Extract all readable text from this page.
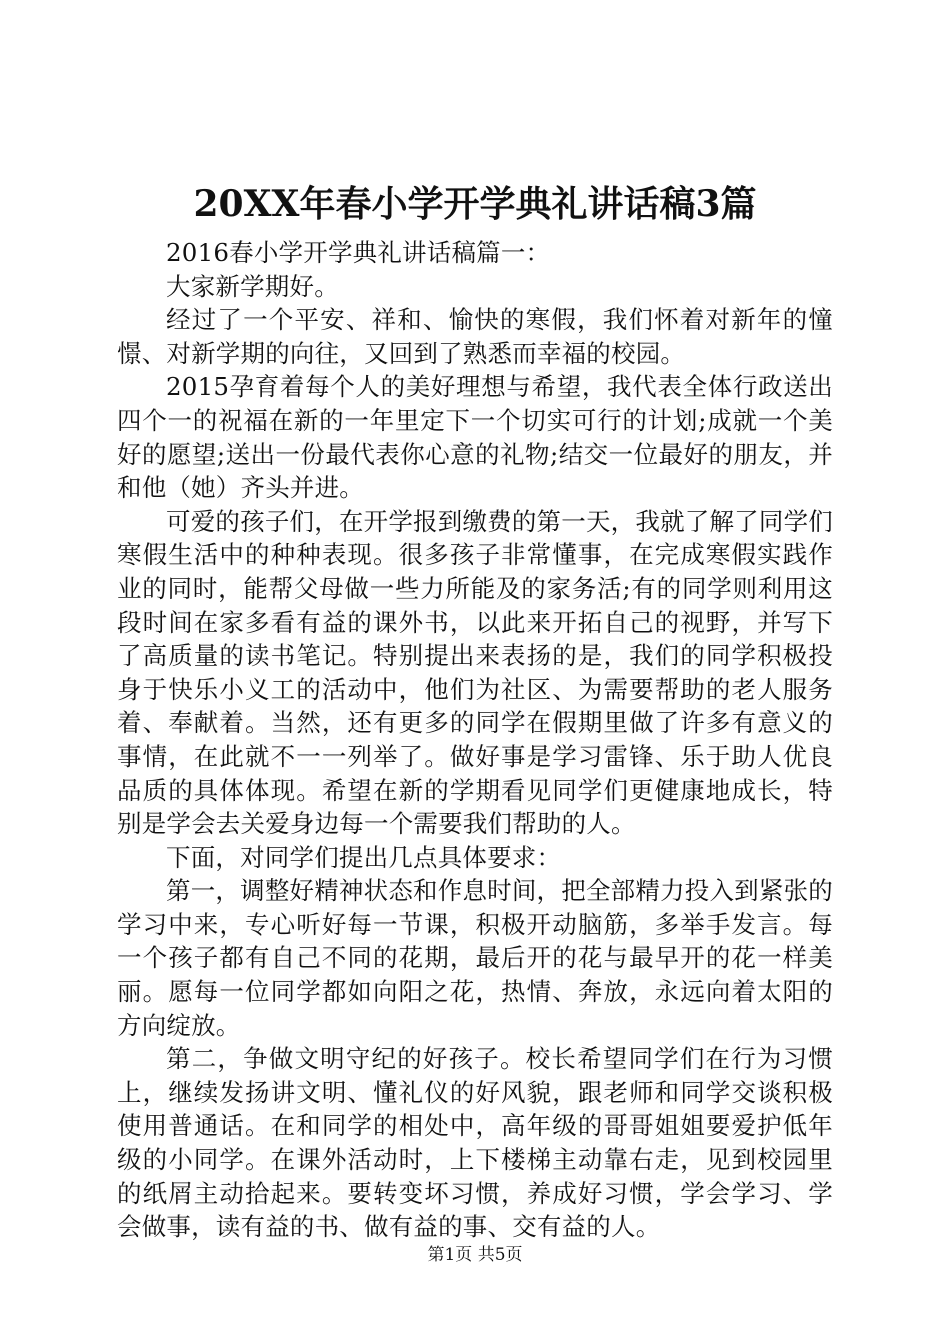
20XX年春小学开学典礼讲话稿3篇

2016春小学开学典礼讲话稿篇一：

大家新学期好。

经过了一个平安、祥和、愉快的寒假，我们怀着对新年的憧憬、对新学期的向往，又回到了熟悉而幸福的校园。

2015孕育着每个人的美好理想与希望，我代表全体行政送出四个一的祝福在新的一年里定下一个切实可行的计划;成就一个美好的愿望;送出一份最代表你心意的礼物;结交一位最好的朋友，并和他（她）齐头并进。

可爱的孩子们，在开学报到缴费的第一天，我就了解了同学们寒假生活中的种种表现。很多孩子非常懂事，在完成寒假实践作业的同时，能帮父母做一些力所能及的家务活;有的同学则利用这段时间在家多看有益的课外书，以此来开拓自己的视野，并写下了高质量的读书笔记。特别提出来表扬的是，我们的同学积极投身于快乐小义工的活动中，他们为社区、为需要帮助的老人服务着、奉献着。当然，还有更多的同学在假期里做了许多有意义的事情，在此就不一一列举了。做好事是学习雷锋、乐于助人优良品质的具体体现。希望在新的学期看见同学们更健康地成长，特别是学会去关爱身边每一个需要我们帮助的人。

下面，对同学们提出几点具体要求：

第一，调整好精神状态和作息时间，把全部精力投入到紧张的学习中来，专心听好每一节课，积极开动脑筋，多举手发言。每一个孩子都有自己不同的花期，最后开的花与最早开的花一样美丽。愿每一位同学都如向阳之花，热情、奔放，永远向着太阳的方向绽放。

第二，争做文明守纪的好孩子。校长希望同学们在行为习惯上，继续发扬讲文明、懂礼仪的好风貌，跟老师和同学交谈积极使用普通话。在和同学的相处中，高年级的哥哥姐姐要爱护低年级的小同学。在课外活动时，上下楼梯主动靠右走，见到校园里的纸屑主动拾起来。要转变坏习惯，养成好习惯，学会学习、学会做事，读有益的书、做有益的事、交有益的人。

第1页 共5页
